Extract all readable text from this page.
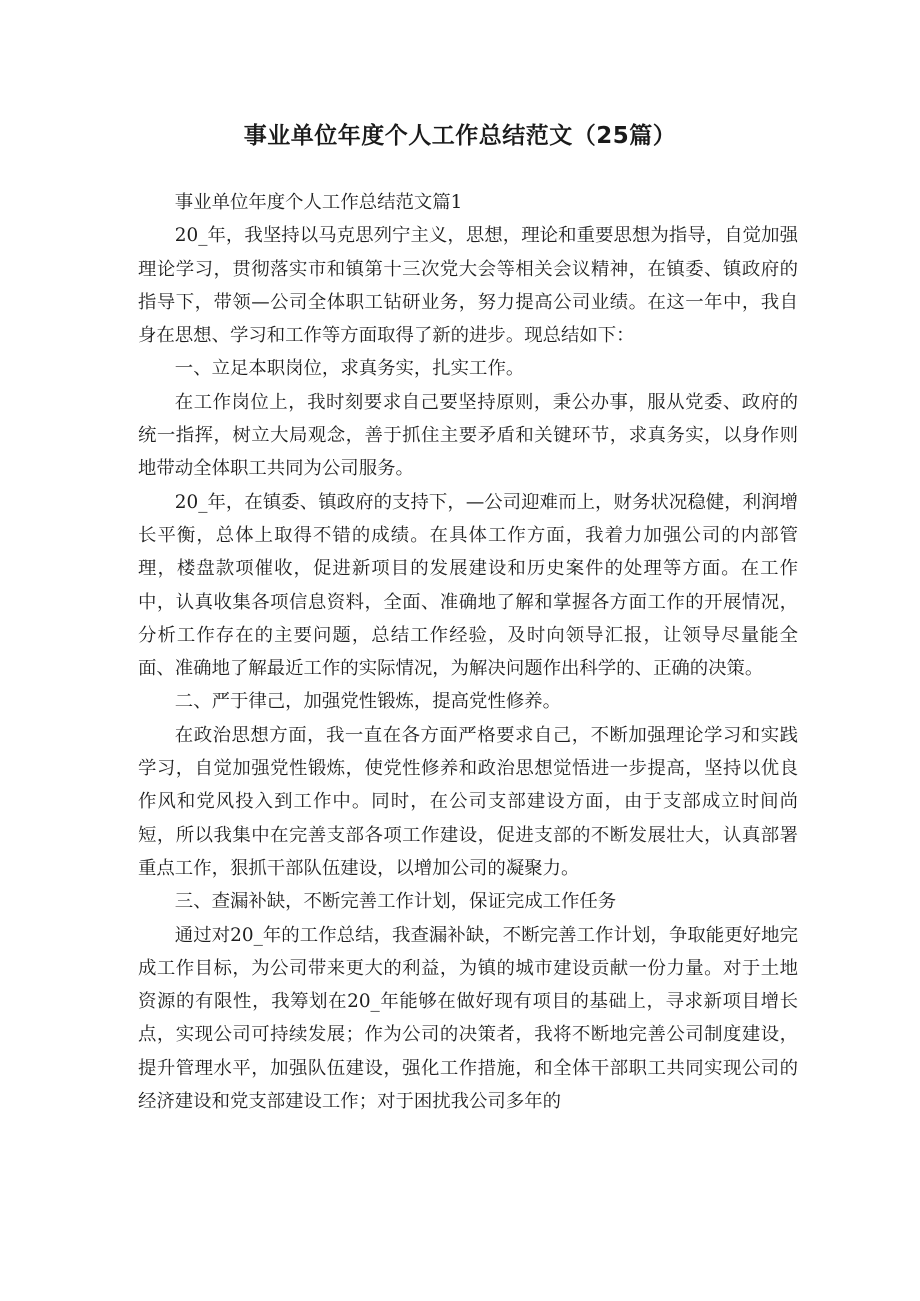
事业单位年度个人工作总结范文（25篇）

事业单位年度个人工作总结范文篇1

20_年，我坚持以马克思列宁主义，思想，理论和重要思想为指导，自觉加强理论学习，贯彻落实市和镇第十三次党大会等相关会议精神，在镇委、镇政府的指导下，带领—公司全体职工钻研业务，努力提高公司业绩。在这一年中，我自身在思想、学习和工作等方面取得了新的进步。现总结如下：

一、立足本职岗位，求真务实，扎实工作。

在工作岗位上，我时刻要求自己要坚持原则，秉公办事，服从党委、政府的统一指挥，树立大局观念，善于抓住主要矛盾和关键环节，求真务实，以身作则地带动全体职工共同为公司服务。

20_年，在镇委、镇政府的支持下，—公司迎难而上，财务状况稳健，利润增长平衡，总体上取得不错的成绩。在具体工作方面，我着力加强公司的内部管理，楼盘款项催收，促进新项目的发展建设和历史案件的处理等方面。在工作中，认真收集各项信息资料，全面、准确地了解和掌握各方面工作的开展情况，分析工作存在的主要问题，总结工作经验，及时向领导汇报，让领导尽量能全面、准确地了解最近工作的实际情况，为解决问题作出科学的、正确的决策。

二、严于律己，加强党性锻炼，提高党性修养。

在政治思想方面，我一直在各方面严格要求自己，不断加强理论学习和实践学习，自觉加强党性锻炼，使党性修养和政治思想觉悟进一步提高，坚持以优良作风和党风投入到工作中。同时，在公司支部建设方面，由于支部成立时间尚短，所以我集中在完善支部各项工作建设，促进支部的不断发展壮大，认真部署重点工作，狠抓干部队伍建设，以增加公司的凝聚力。

三、查漏补缺，不断完善工作计划，保证完成工作任务

通过对20_年的工作总结，我查漏补缺，不断完善工作计划，争取能更好地完成工作目标，为公司带来更大的利益，为镇的城市建设贡献一份力量。对于土地资源的有限性，我筹划在20_年能够在做好现有项目的基础上，寻求新项目增长点，实现公司可持续发展；作为公司的决策者，我将不断地完善公司制度建设，提升管理水平，加强队伍建设，强化工作措施，和全体干部职工共同实现公司的经济建设和党支部建设工作；对于困扰我公司多年的
